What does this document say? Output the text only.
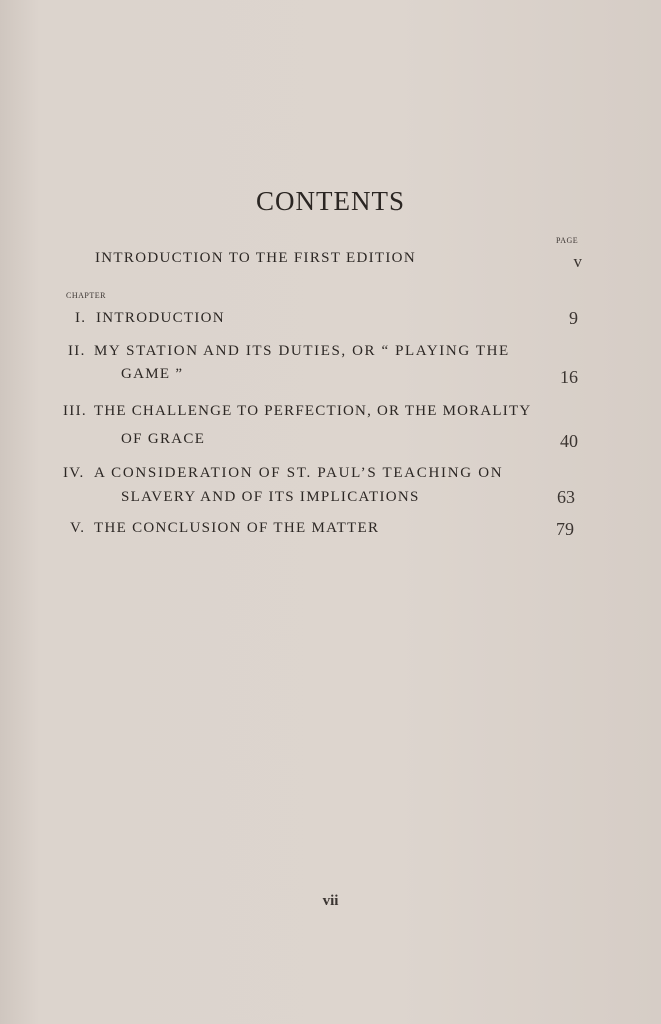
CONTENTS
PAGE
INTRODUCTION TO THE FIRST EDITION	v
CHAPTER
I. INTRODUCTION	9
II. MY STATION AND ITS DUTIES, OR “ PLAYING THE
GAME ”	16
III. THE CHALLENGE TO PERFECTION, OR THE MORALITY
OF GRACE	40
IV. A CONSIDERATION OF ST. PAUL’S TEACHING ON
SLAVERY AND OF ITS IMPLICATIONS	63
V. THE CONCLUSION OF THE MATTER	79
vii
